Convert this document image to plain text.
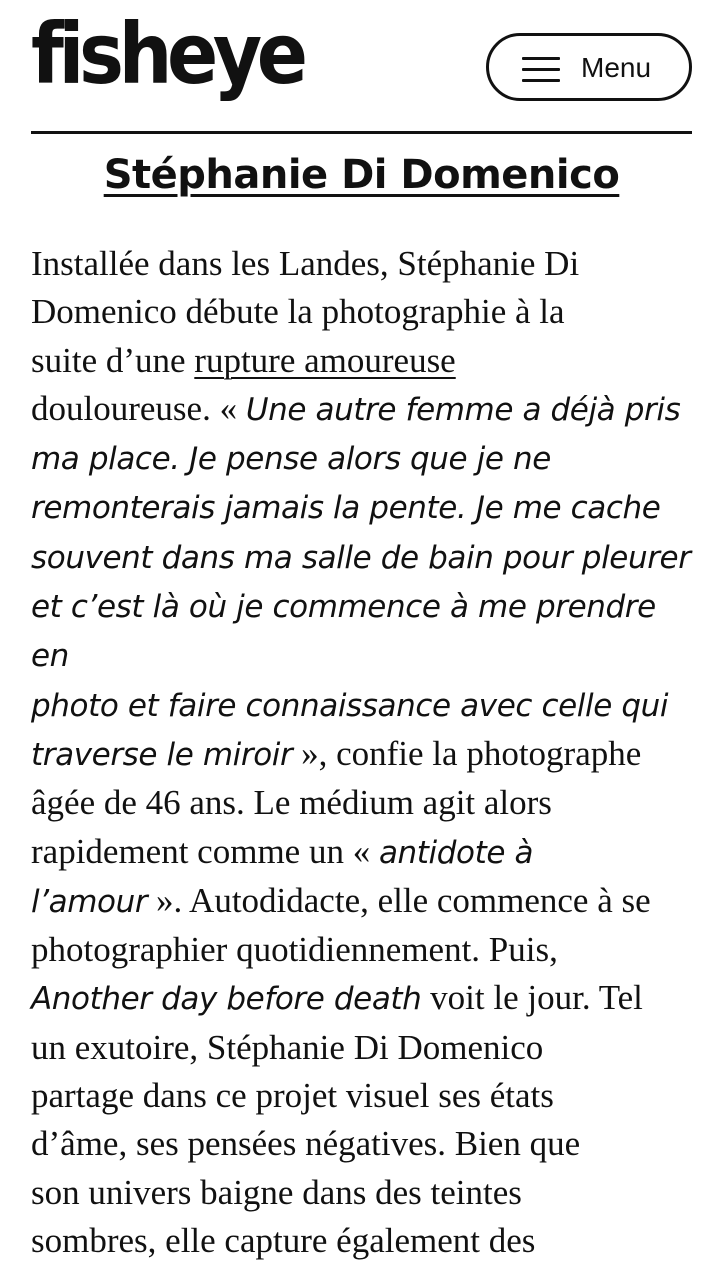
fisheye	Menu
Stéphanie Di Domenico

Installée dans les Landes, Stéphanie Di
Domenico débute la photographie à la
suite d’une rupture amoureuse
douloureuse. « Une autre femme a déjà pris
ma place. Je pense alors que je ne
remonterais jamais la pente. Je me cache
souvent dans ma salle de bain pour pleurer
et c’est là où je commence à me prendre en
photo et faire connaissance avec celle qui
traverse le miroir », confie la photographe
âgée de 46 ans. Le médium agit alors
rapidement comme un « antidote à
l’amour ». Autodidacte, elle commence à se
photographier quotidiennement. Puis,
Another day before death voit le jour. Tel
un exutoire, Stéphanie Di Domenico
partage dans ce projet visuel ses états
d’âme, ses pensées négatives. Bien que
son univers baigne dans des teintes
sombres, elle capture également des
